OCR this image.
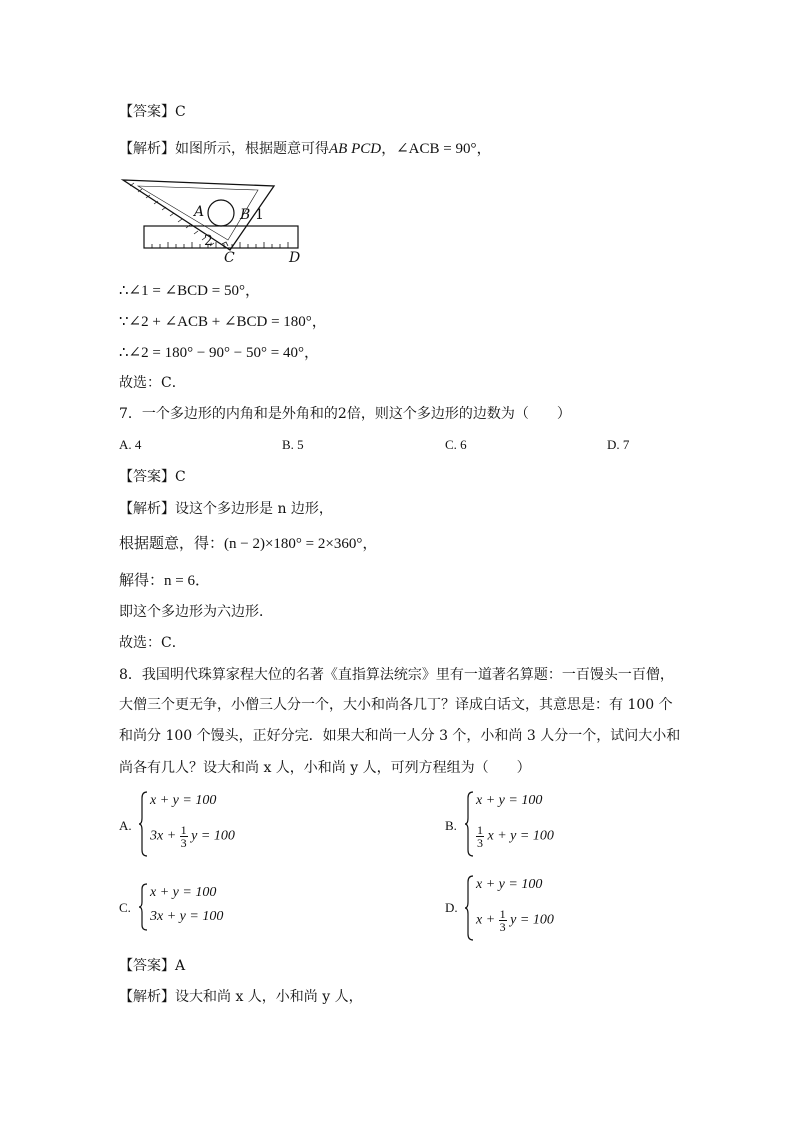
【答案】C
【解析】如图所示，根据题意可得AB PCD，∠ACB = 90°，
A	B 1
2
C	D
∴∠1 = ∠BCD = 50°，
∵∠2 + ∠ACB + ∠BCD = 180°，
∴∠2 = 180° − 90° − 50° = 40°，
故选：C．
7．一个多边形的内角和是外角和的2倍，则这个多边形的边数为（　　）
A. 4	B. 5	C. 6	D. 7
【答案】C
【解析】设这个多边形是 n 边形，
根据题意，得：(n − 2)×180° = 2×360°，
解得：n = 6．
即这个多边形为六边形．
故选：C．
8．我国明代珠算家程大位的名著《直指算法统宗》里有一道著名算题：一百馒头一百僧，
大僧三个更无争，小僧三人分一个，大小和尚各几丁？译成白话文，其意思是：有 100 个
和尚分 100 个馒头，正好分完．如果大和尚一人分 3 个，小和尚 3 人分一个，试问大小和
尚各有几人？设大和尚 x 人，小和尚 y 人，可列方程组为（　　）
A.
x + y = 100
$3x + \frac{1}{3}$ y = 100
B.
x + y = 100
$\frac{1}{3}$ x + y = 100
C.
x + y = 100
3x + y = 100
D.
x + y = 100
$x + \frac{1}{3}$ y = 100
【答案】A
【解析】设大和尚 x 人，小和尚 y 人，
